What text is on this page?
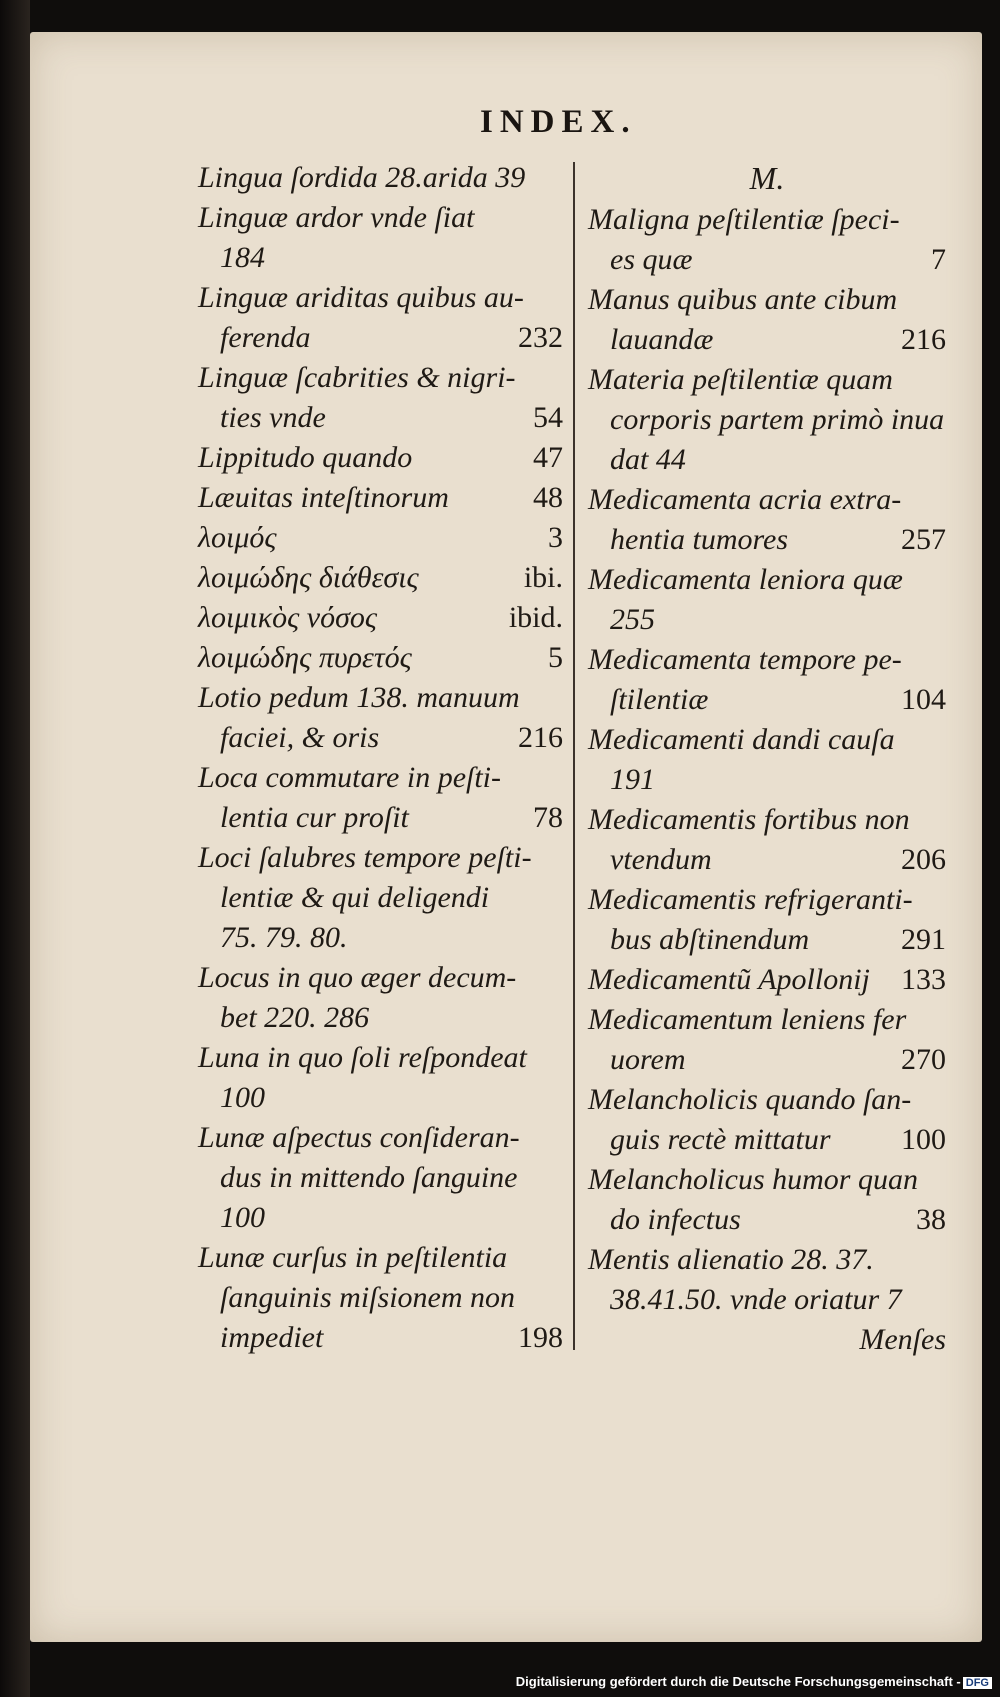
INDEX.
Lingua ſordida 28.arida 39
Linguæ ardor vnde ſiat
184
Linguæ ariditas quibus au-
ferenda	232
Linguæ ſcabrities & nigri-
ties vnde	54
Lippitudo quando	47
Læuitas inteſtinorum	48
λοιμός	3
λοιμώδης διάθεσις	ibi.
λοιμικὸς νόσος	ibid.
λοιμώδης πυρετός	5
Lotio pedum 138. manuum
faciei, & oris	216
Loca commutare in peſti-
lentia cur proſit	78
Loci ſalubres tempore peſti-
lentiæ & qui deligendi
75. 79. 80.
Locus in quo æger decum-
bet 220. 286
Luna in quo ſoli reſpondeat
100
Lunæ aſpectus conſideran-
dus in mittendo ſanguine
100
Lunæ curſus in peſtilentia
ſanguinis miſsionem non
impediet	198
M.
Maligna peſtilentiæ ſpeci-
es quæ	7
Manus quibus ante cibum
lauandæ	216
Materia peſtilentiæ quam
corporis partem primò inua
dat 44
Medicamenta acria extra-
hentia tumores	257
Medicamenta leniora quæ
255
Medicamenta tempore pe-
ſtilentiæ	104
Medicamenti dandi cauſa
191
Medicamentis fortibus non
vtendum	206
Medicamentis refrigeranti-
bus abſtinendum	291
Medicamentũ Apollonij	133
Medicamentum leniens fer
uorem	270
Melancholicis quando ſan-
guis rectè mittatur	100
Melancholicus humor quan
do infectus	38
Mentis alienatio 28. 37.
38.41.50. vnde oriatur 7
Menſes
Digitalisierung gefördert durch die Deutsche Forschungsgemeinschaft - DFG
